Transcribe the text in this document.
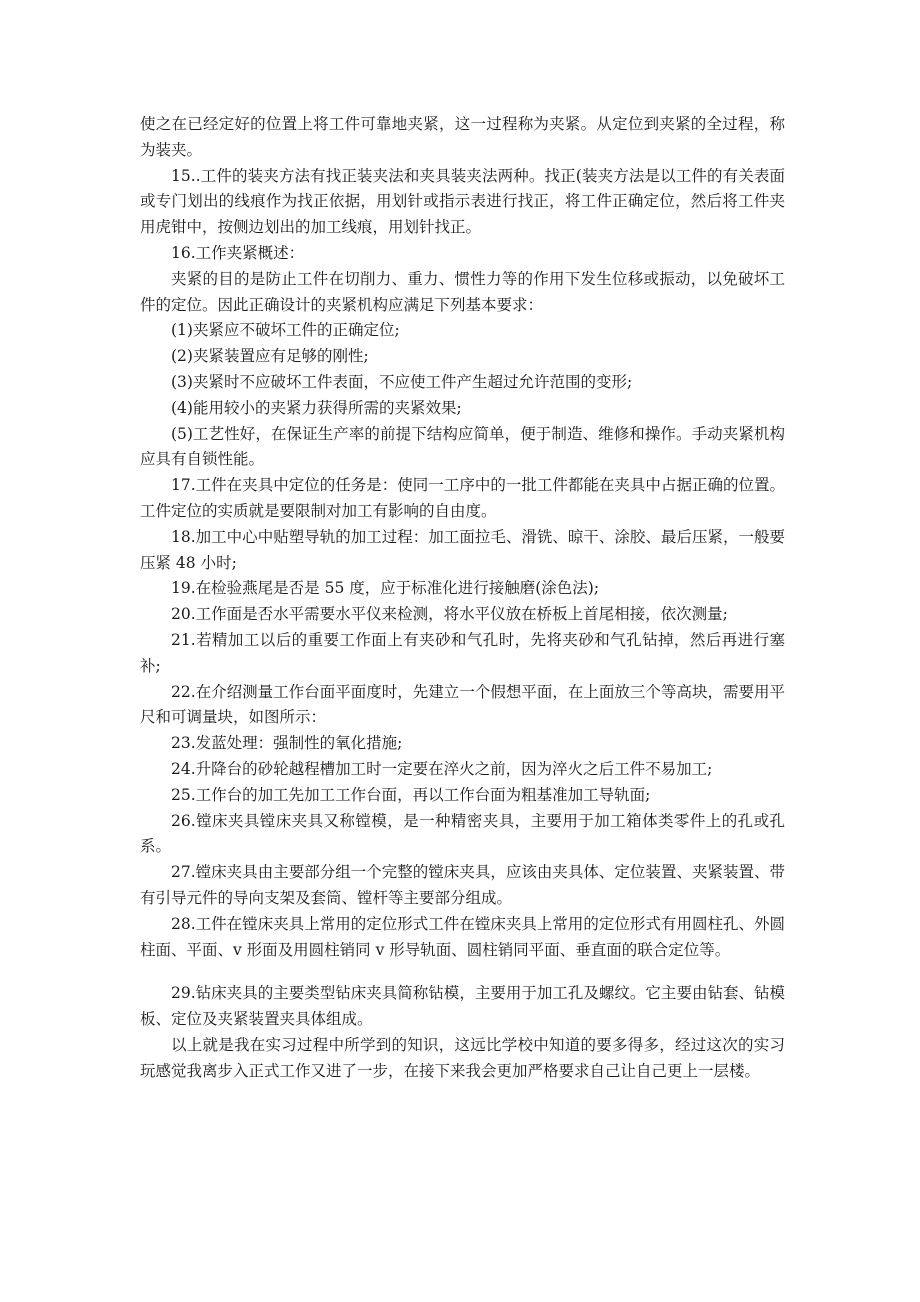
使之在已经定好的位置上将工件可靠地夹紧，这一过程称为夹紧。从定位到夹紧的全过程，称为装夹。

15..工件的装夹方法有找正装夹法和夹具装夹法两种。找正(装夹方法是以工件的有关表面或专门划出的线痕作为找正依据，用划针或指示表进行找正，将工件正确定位，然后将工件夹用虎钳中，按侧边划出的加工线痕，用划针找正。

16.工作夹紧概述：

夹紧的目的是防止工件在切削力、重力、惯性力等的作用下发生位移或振动，以免破坏工件的定位。因此正确设计的夹紧机构应满足下列基本要求：

(1)夹紧应不破坏工件的正确定位;

(2)夹紧装置应有足够的刚性;

(3)夹紧时不应破坏工件表面，不应使工件产生超过允许范围的变形;

(4)能用较小的夹紧力获得所需的夹紧效果;

(5)工艺性好，在保证生产率的前提下结构应简单，便于制造、维修和操作。手动夹紧机构应具有自锁性能。

17.工件在夹具中定位的任务是：使同一工序中的一批工件都能在夹具中占据正确的位置。工件定位的实质就是要限制对加工有影响的自由度。

18.加工中心中贴塑导轨的加工过程：加工面拉毛、滑铣、晾干、涂胶、最后压紧，一般要压紧 48 小时;

19.在检验燕尾是否是 55 度，应于标准化进行接触磨(涂色法);

20.工作面是否水平需要水平仪来检测，将水平仪放在桥板上首尾相接，依次测量;

21.若精加工以后的重要工作面上有夹砂和气孔时，先将夹砂和气孔钻掉，然后再进行塞补;

22.在介绍测量工作台面平面度时，先建立一个假想平面，在上面放三个等高块，需要用平尺和可调量块，如图所示：

23.发蓝处理：强制性的氧化措施;

24.升降台的砂轮越程槽加工时一定要在淬火之前，因为淬火之后工件不易加工;

25.工作台的加工先加工工作台面，再以工作台面为粗基准加工导轨面;

26.镗床夹具镗床夹具又称镗模，是一种精密夹具，主要用于加工箱体类零件上的孔或孔系。

27.镗床夹具由主要部分组一个完整的镗床夹具，应该由夹具体、定位装置、夹紧装置、带有引导元件的导向支架及套筒、镗杆等主要部分组成。

28.工件在镗床夹具上常用的定位形式工件在镗床夹具上常用的定位形式有用圆柱孔、外圆柱面、平面、v 形面及用圆柱销同 v 形导轨面、圆柱销同平面、垂直面的联合定位等。

29.钻床夹具的主要类型钻床夹具简称钻模，主要用于加工孔及螺纹。它主要由钻套、钻模板、定位及夹紧装置夹具体组成。

以上就是我在实习过程中所学到的知识，这远比学校中知道的要多得多，经过这次的实习玩感觉我离步入正式工作又进了一步，在接下来我会更加严格要求自己让自己更上一层楼。
